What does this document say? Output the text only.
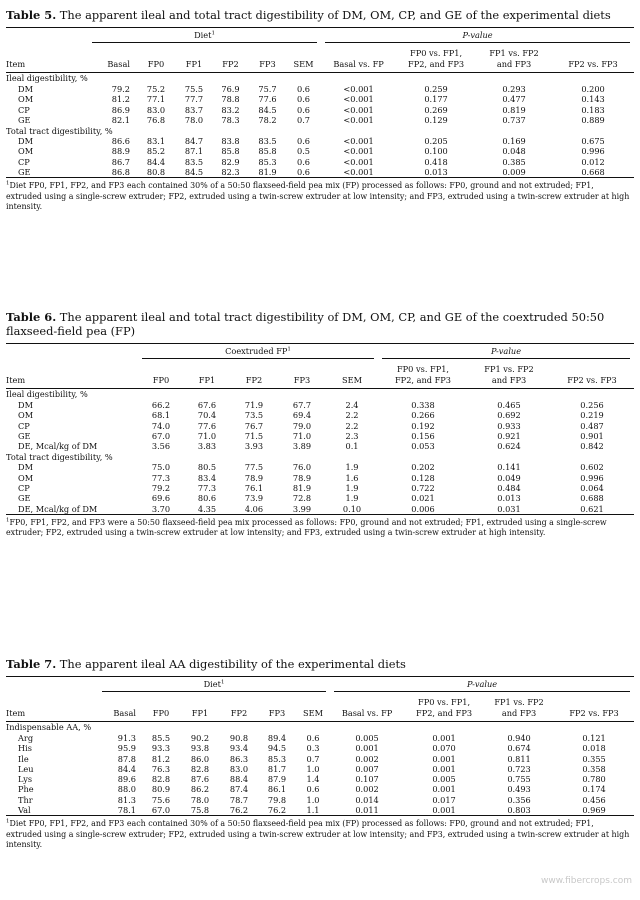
Table 5. The apparent ileal and total tract digestibility of DM, OM, CP, and GE of the experimental diets

	Diet$^1$						P-value			

Item	Basal	FP0	FP1	FP2	FP3	SEM	Basal vs. FP	FP0 vs. FP1,
FP2, and FP3	FP1 vs. FP2
and FP3	FP2 vs. FP3
Ileal digestibility, %										
DM	79.2	75.2	75.5	76.9	75.7	0.6	<0.001	0.259	0.293	0.200
OM	81.2	77.1	77.7	78.8	77.6	0.6	<0.001	0.177	0.477	0.143
CP	86.9	83.0	83.7	83.2	84.5	0.6	<0.001	0.269	0.819	0.183
GE	82.1	76.8	78.0	78.3	78.2	0.7	<0.001	0.129	0.737	0.889
Total tract digestibility, %										
DM	86.6	83.1	84.7	83.8	83.5	0.6	<0.001	0.205	0.169	0.675
OM	88.9	85.2	87.1	85.8	85.8	0.5	<0.001	0.100	0.048	0.996
CP	86.7	84.4	83.5	82.9	85.3	0.6	<0.001	0.418	0.385	0.012
GE	86.8	80.8	84.5	82.3	81.9	0.6	<0.001	0.013	0.009	0.668
$^1$Diet FP0, FP1, FP2, and FP3 each contained 30% of a 50:50 flaxseed-field pea mix (FP) processed as follows: FP0, ground and not extruded; FP1, extruded using a single-screw extruder; FP2, extruded using a twin-screw extruder at low intensity; and FP3, extruded using a twin-screw extruder at high intensity.
Table 6. The apparent ileal and total tract digestibility of DM, OM, CP, and GE of the coextruded 50:50 flaxseed-field pea (FP)

	Coextruded $FP^1$					P-value		

Item	FP0	FP1	FP2	FP3	SEM	FP0 vs. FP1,
FP2, and FP3	FP1 vs. FP2
and FP3	FP2 vs. FP3
Ileal digestibility, %								
DM	66.2	67.6	71.9	67.7	2.4	0.338	0.465	0.256
OM	68.1	70.4	73.5	69.4	2.2	0.266	0.692	0.219
CP	74.0	77.6	76.7	79.0	2.2	0.192	0.933	0.487
GE	67.0	71.0	71.5	71.0	2.3	0.156	0.921	0.901
DE, Mcal/kg of DM	3.56	3.83	3.93	3.89	0.1	0.053	0.624	0.842
Total tract digestibility, %								
DM	75.0	80.5	77.5	76.0	1.9	0.202	0.141	0.602
OM	77.3	83.4	78.9	78.9	1.6	0.128	0.049	0.996
CP	79.2	77.3	76.1	81.9	1.9	0.722	0.484	0.064
GE	69.6	80.6	73.9	72.8	1.9	0.021	0.013	0.688
DE, Mcal/kg of DM	3.70	4.35	4.06	3.99	0.10	0.006	0.031	0.621
$^1$FP0, FP1, FP2, and FP3 were a 50:50 flaxseed-field pea mix processed as follows: FP0, ground and not extruded; FP1, extruded using a single-screw extruder; FP2, extruded using a twin-screw extruder at low intensity; and FP3, extruded using a twin-screw extruder at high intensity.
Table 7. The apparent ileal AA digestibility of the experimental diets

	Diet$^1$						P-value			

Item	Basal	FP0	FP1	FP2	FP3	SEM	Basal vs. FP	FP0 vs. FP1,
FP2, and FP3	FP1 vs. FP2
and FP3	FP2 vs. FP3
Indispensable AA, %										
Arg	91.3	85.5	90.2	90.8	89.4	0.6	0.005	0.001	0.940	0.121
His	95.9	93.3	93.8	93.4	94.5	0.3	0.001	0.070	0.674	0.018
Ile	87.8	81.2	86.0	86.3	85.3	0.7	0.002	0.001	0.811	0.355
Leu	84.4	76.3	82.8	83.0	81.7	1.0	0.007	0.001	0.723	0.358
Lys	89.6	82.8	87.6	88.4	87.9	1.4	0.107	0.005	0.755	0.780
Phe	88.0	80.9	86.2	87.4	86.1	0.6	0.002	0.001	0.493	0.174
Thr	81.3	75.6	78.0	78.7	79.8	1.0	0.014	0.017	0.356	0.456
Val	78.1	67.0	75.8	76.2	76.2	1.1	0.011	0.001	0.803	0.969
$^1$Diet FP0, FP1, FP2, and FP3 each contained 30% of a 50:50 flaxseed-field pea mix (FP) processed as follows: FP0, ground and not extruded; FP1, extruded using a single-screw extruder; FP2, extruded using a twin-screw extruder at low intensity; and FP3, extruded using a twin-screw extruder at high intensity.
www.fibercrops.com
